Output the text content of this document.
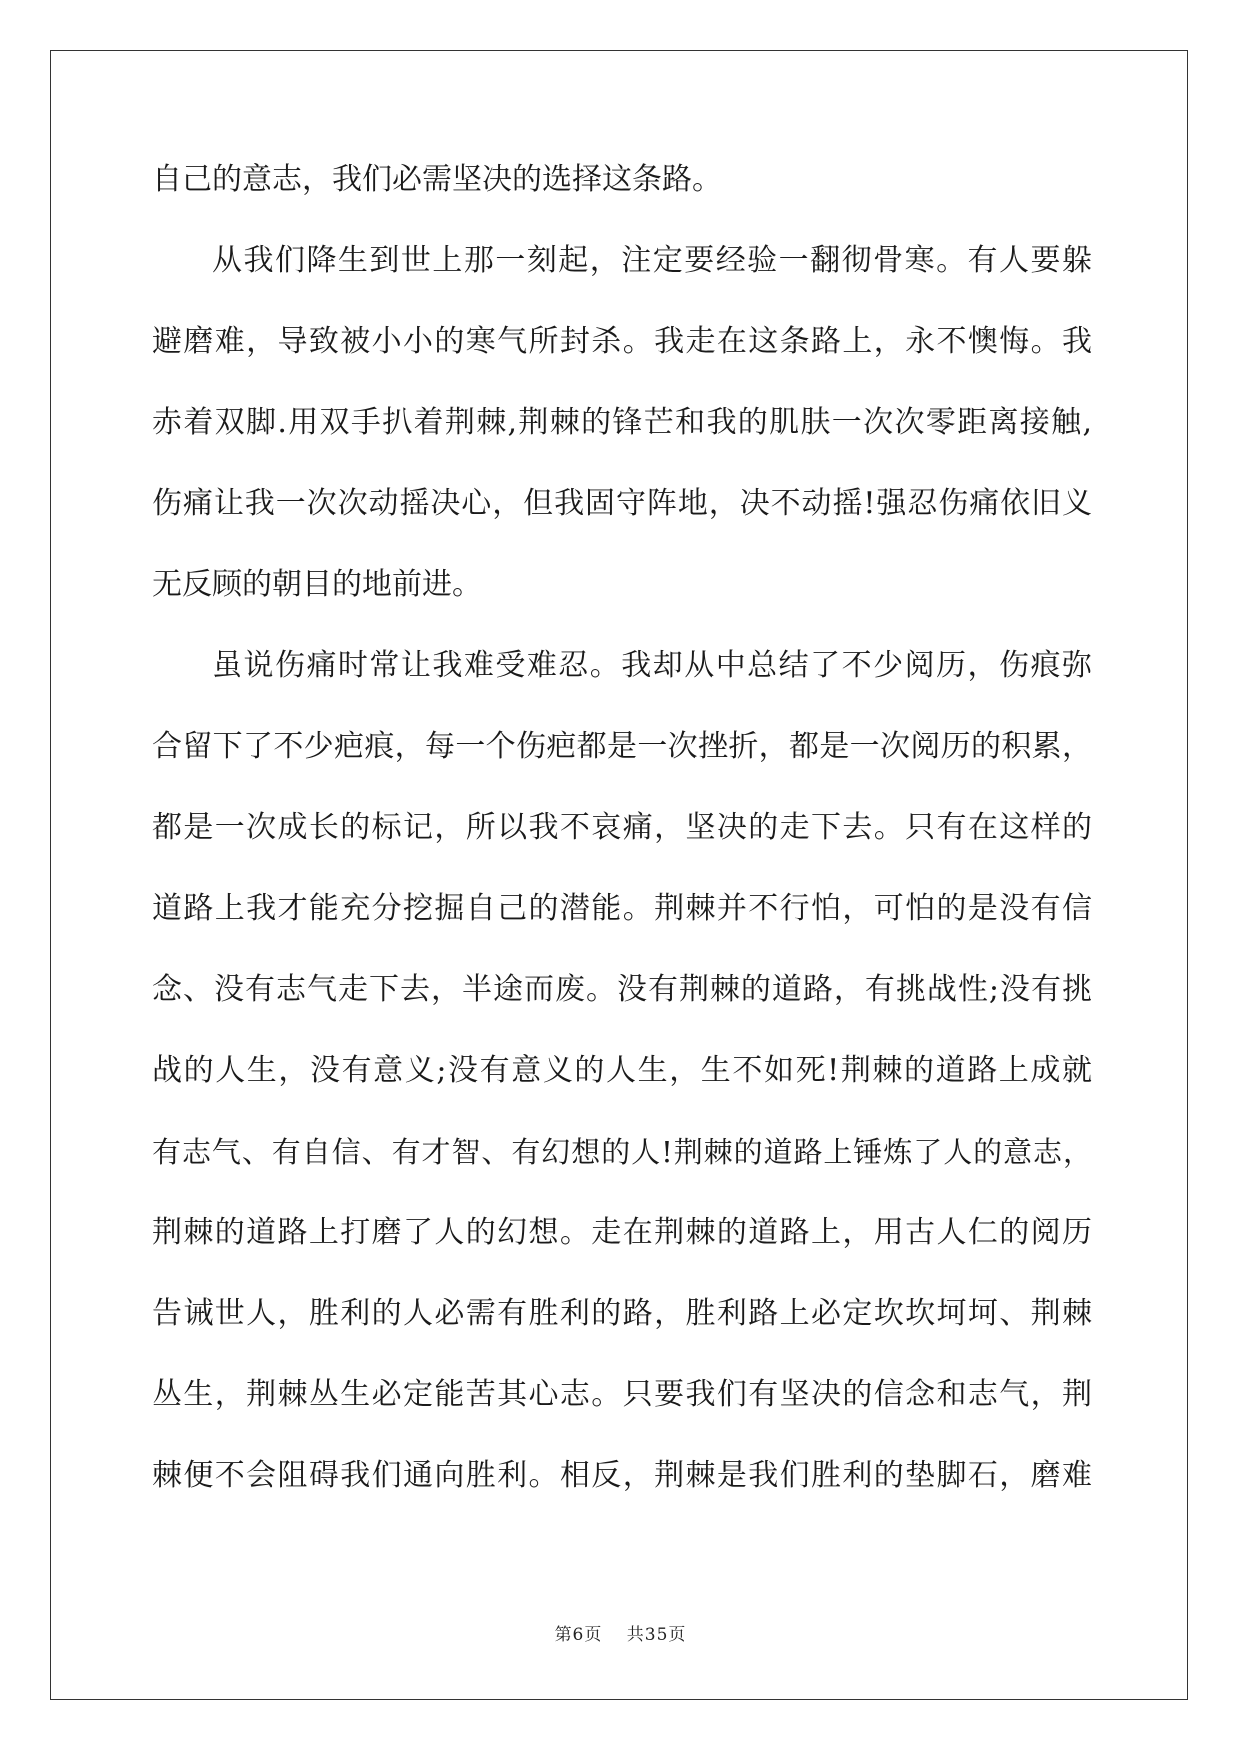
自己的意志，我们必需坚决的选择这条路。
从我们降生到世上那一刻起，注定要经验一翻彻骨寒。有人要躲
避磨难，导致被小小的寒气所封杀。我走在这条路上，永不懊悔。我
赤着双脚.用双手扒着荆棘,荆棘的锋芒和我的肌肤一次次零距离接触,
伤痛让我一次次动摇决心，但我固守阵地，决不动摇!强忍伤痛依旧义
无反顾的朝目的地前进。
虽说伤痛时常让我难受难忍。我却从中总结了不少阅历，伤痕弥
合留下了不少疤痕，每一个伤疤都是一次挫折，都是一次阅历的积累，
都是一次成长的标记，所以我不哀痛，坚决的走下去。只有在这样的
道路上我才能充分挖掘自己的潜能。荆棘并不行怕，可怕的是没有信
念、没有志气走下去，半途而废。没有荆棘的道路，有挑战性;没有挑
战的人生，没有意义;没有意义的人生，生不如死!荆棘的道路上成就
有志气、有自信、有才智、有幻想的人!荆棘的道路上锤炼了人的意志，
荆棘的道路上打磨了人的幻想。走在荆棘的道路上，用古人仁的阅历
告诫世人，胜利的人必需有胜利的路，胜利路上必定坎坎坷坷、荆棘
丛生，荆棘丛生必定能苦其心志。只要我们有坚决的信念和志气，荆
棘便不会阻碍我们通向胜利。相反，荆棘是我们胜利的垫脚石，磨难
第6页 共35页
